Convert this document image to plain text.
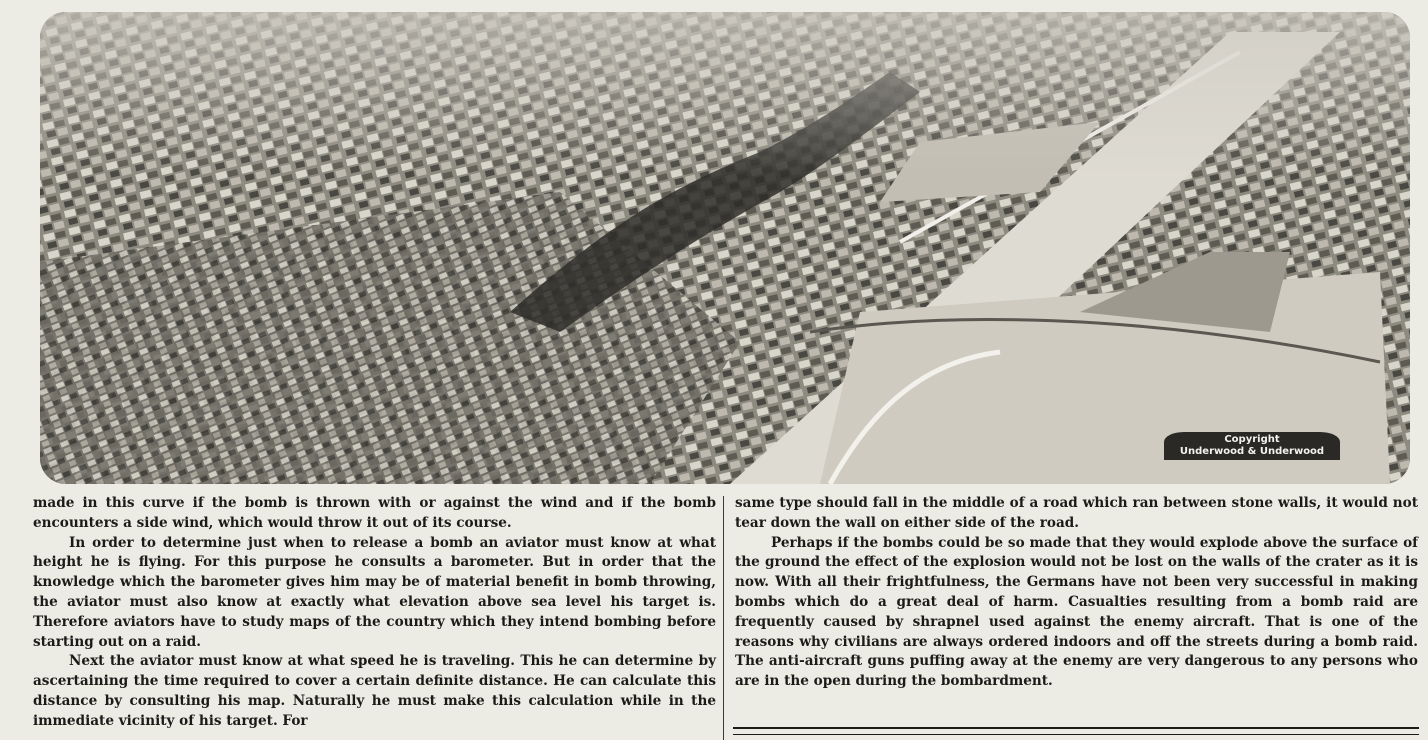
Copyright
Underwood & Underwood

made in this curve if the bomb is thrown with or against the wind and if the bomb encounters a side wind, which would throw it out of its course.

In order to determine just when to release a bomb an aviator must know at what height he is flying. For this purpose he consults a barometer. But in order that the knowledge which the barometer gives him may be of material benefit in bomb throwing, the aviator must also know at exactly what elevation above sea level his target is. Therefore aviators have to study maps of the country which they intend bombing before starting out on a raid.

Next the aviator must know at what speed he is traveling. This he can determine by ascertaining the time required to cover a certain definite distance. He can calculate this distance by consulting his map. Naturally he must make this calculation while in the immediate vicinity of his target. For

same type should fall in the middle of a road which ran between stone walls, it would not tear down the wall on either side of the road.

Perhaps if the bombs could be so made that they would explode above the surface of the ground the effect of the explosion would not be lost on the walls of the crater as it is now. With all their frightfulness, the Germans have not been very successful in making bombs which do a great deal of harm. Casualties resulting from a bomb raid are frequently caused by shrapnel used against the enemy aircraft. That is one of the reasons why civilians are always ordered indoors and off the streets during a bomb raid. The anti-aircraft guns puffing away at the enemy are very dangerous to any persons who are in the open during the bombardment.
